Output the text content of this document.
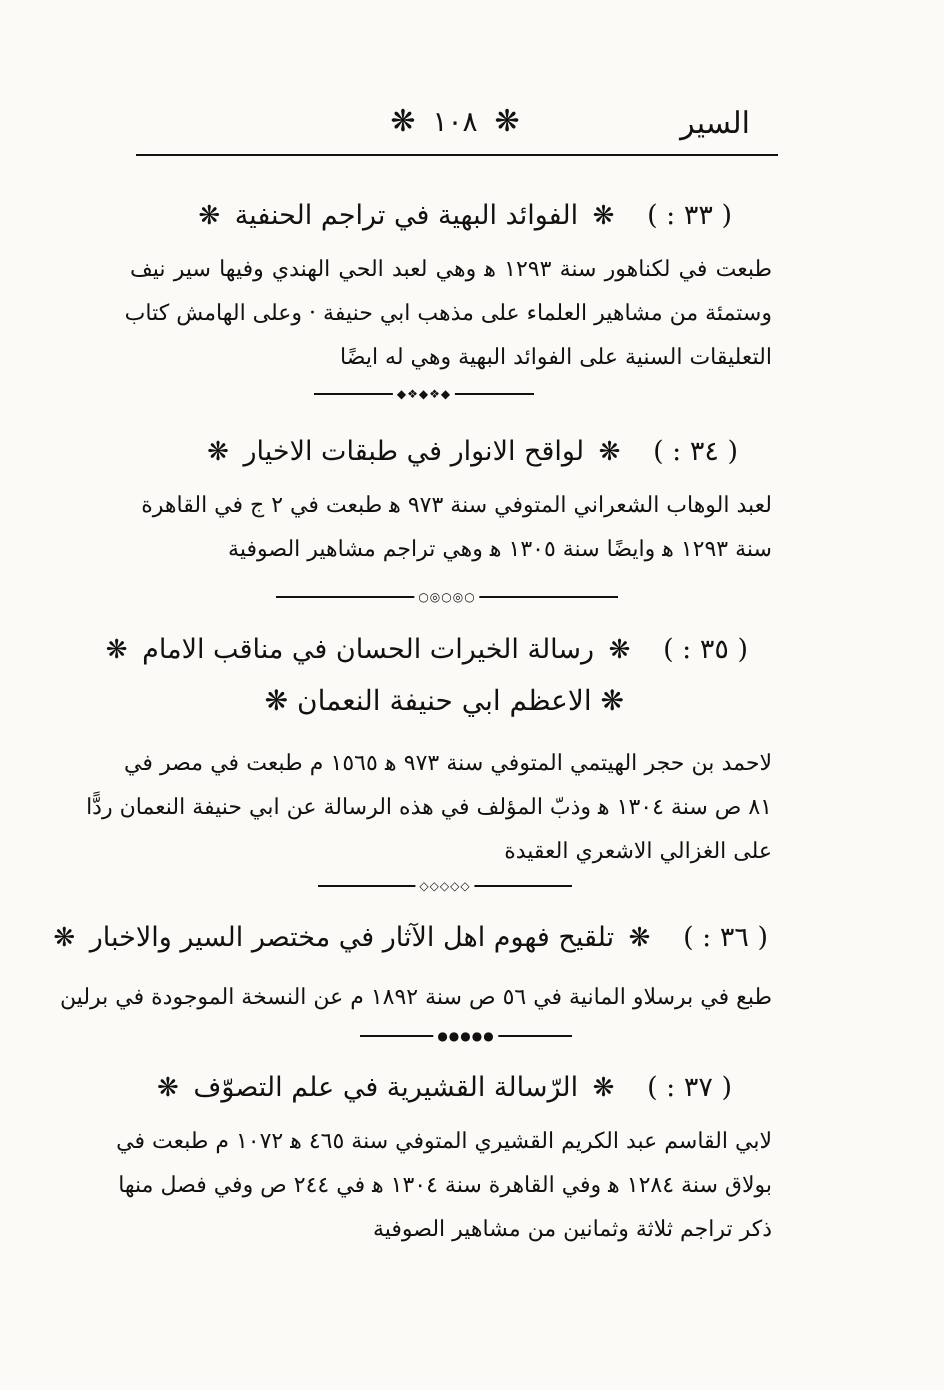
السير
❋ ١٠٨ ❋
( ٣٣ : ) ❋ الفوائد البهية في تراجم الحنفية ❋
طبعت في لكناهور سنة ١٢٩٣ ﻫ وهي لعبد الحي الهندي وفيها سير نيف
وستمئة من مشاهير العلماء على مذهب ابي حنيفة · وعلى الهامش كتاب
التعليقات السنية على الفوائد البهية وهي له ايضًا
◆❖◆❖◆
( ٣٤ : ) ❋ لواقح الانوار في طبقات الاخيار ❋
لعبد الوهاب الشعراني المتوفي سنة ٩٧٣ ﻫ طبعت في ٢ ج في القاهرة
سنة ١٢٩٣ ﻫ وايضًا سنة ١٣٠٥ ﻫ وهي تراجم مشاهير الصوفية
○◎○◎○
( ٣٥ : ) ❋ رسالة الخيرات الحسان في مناقب الامام ❋
❋ الاعظم ابي حنيفة النعمان ❋
لاحمد بن حجر الهيتمي المتوفي سنة ٩٧٣ ﻫ ١٥٦٥ م طبعت في مصر في
٨١ ص سنة ١٣٠٤ ﻫ وذبّ المؤلف في هذه الرسالة عن ابي حنيفة النعمان ردًّا
على الغزالي الاشعري العقيدة
◇◇◇◇◇
( ٣٦ : ) ❋ تلقيح فهوم اهل الآثار في مختصر السير والاخبار ❋
طبع في برسلاو المانية في ٥٦ ص سنة ١٨٩٢ م عن النسخة الموجودة في برلين
●●●●●
( ٣٧ : ) ❋ الرّسالة القشيرية في علم التصوّف ❋
لابي القاسم عبد الكريم القشيري المتوفي سنة ٤٦٥ ﻫ ١٠٧٢ م طبعت في
بولاق سنة ١٢٨٤ ﻫ وفي القاهرة سنة ١٣٠٤ ﻫ في ٢٤٤ ص وفي فصل منها
ذكر تراجم ثلاثة وثمانين من مشاهير الصوفية
